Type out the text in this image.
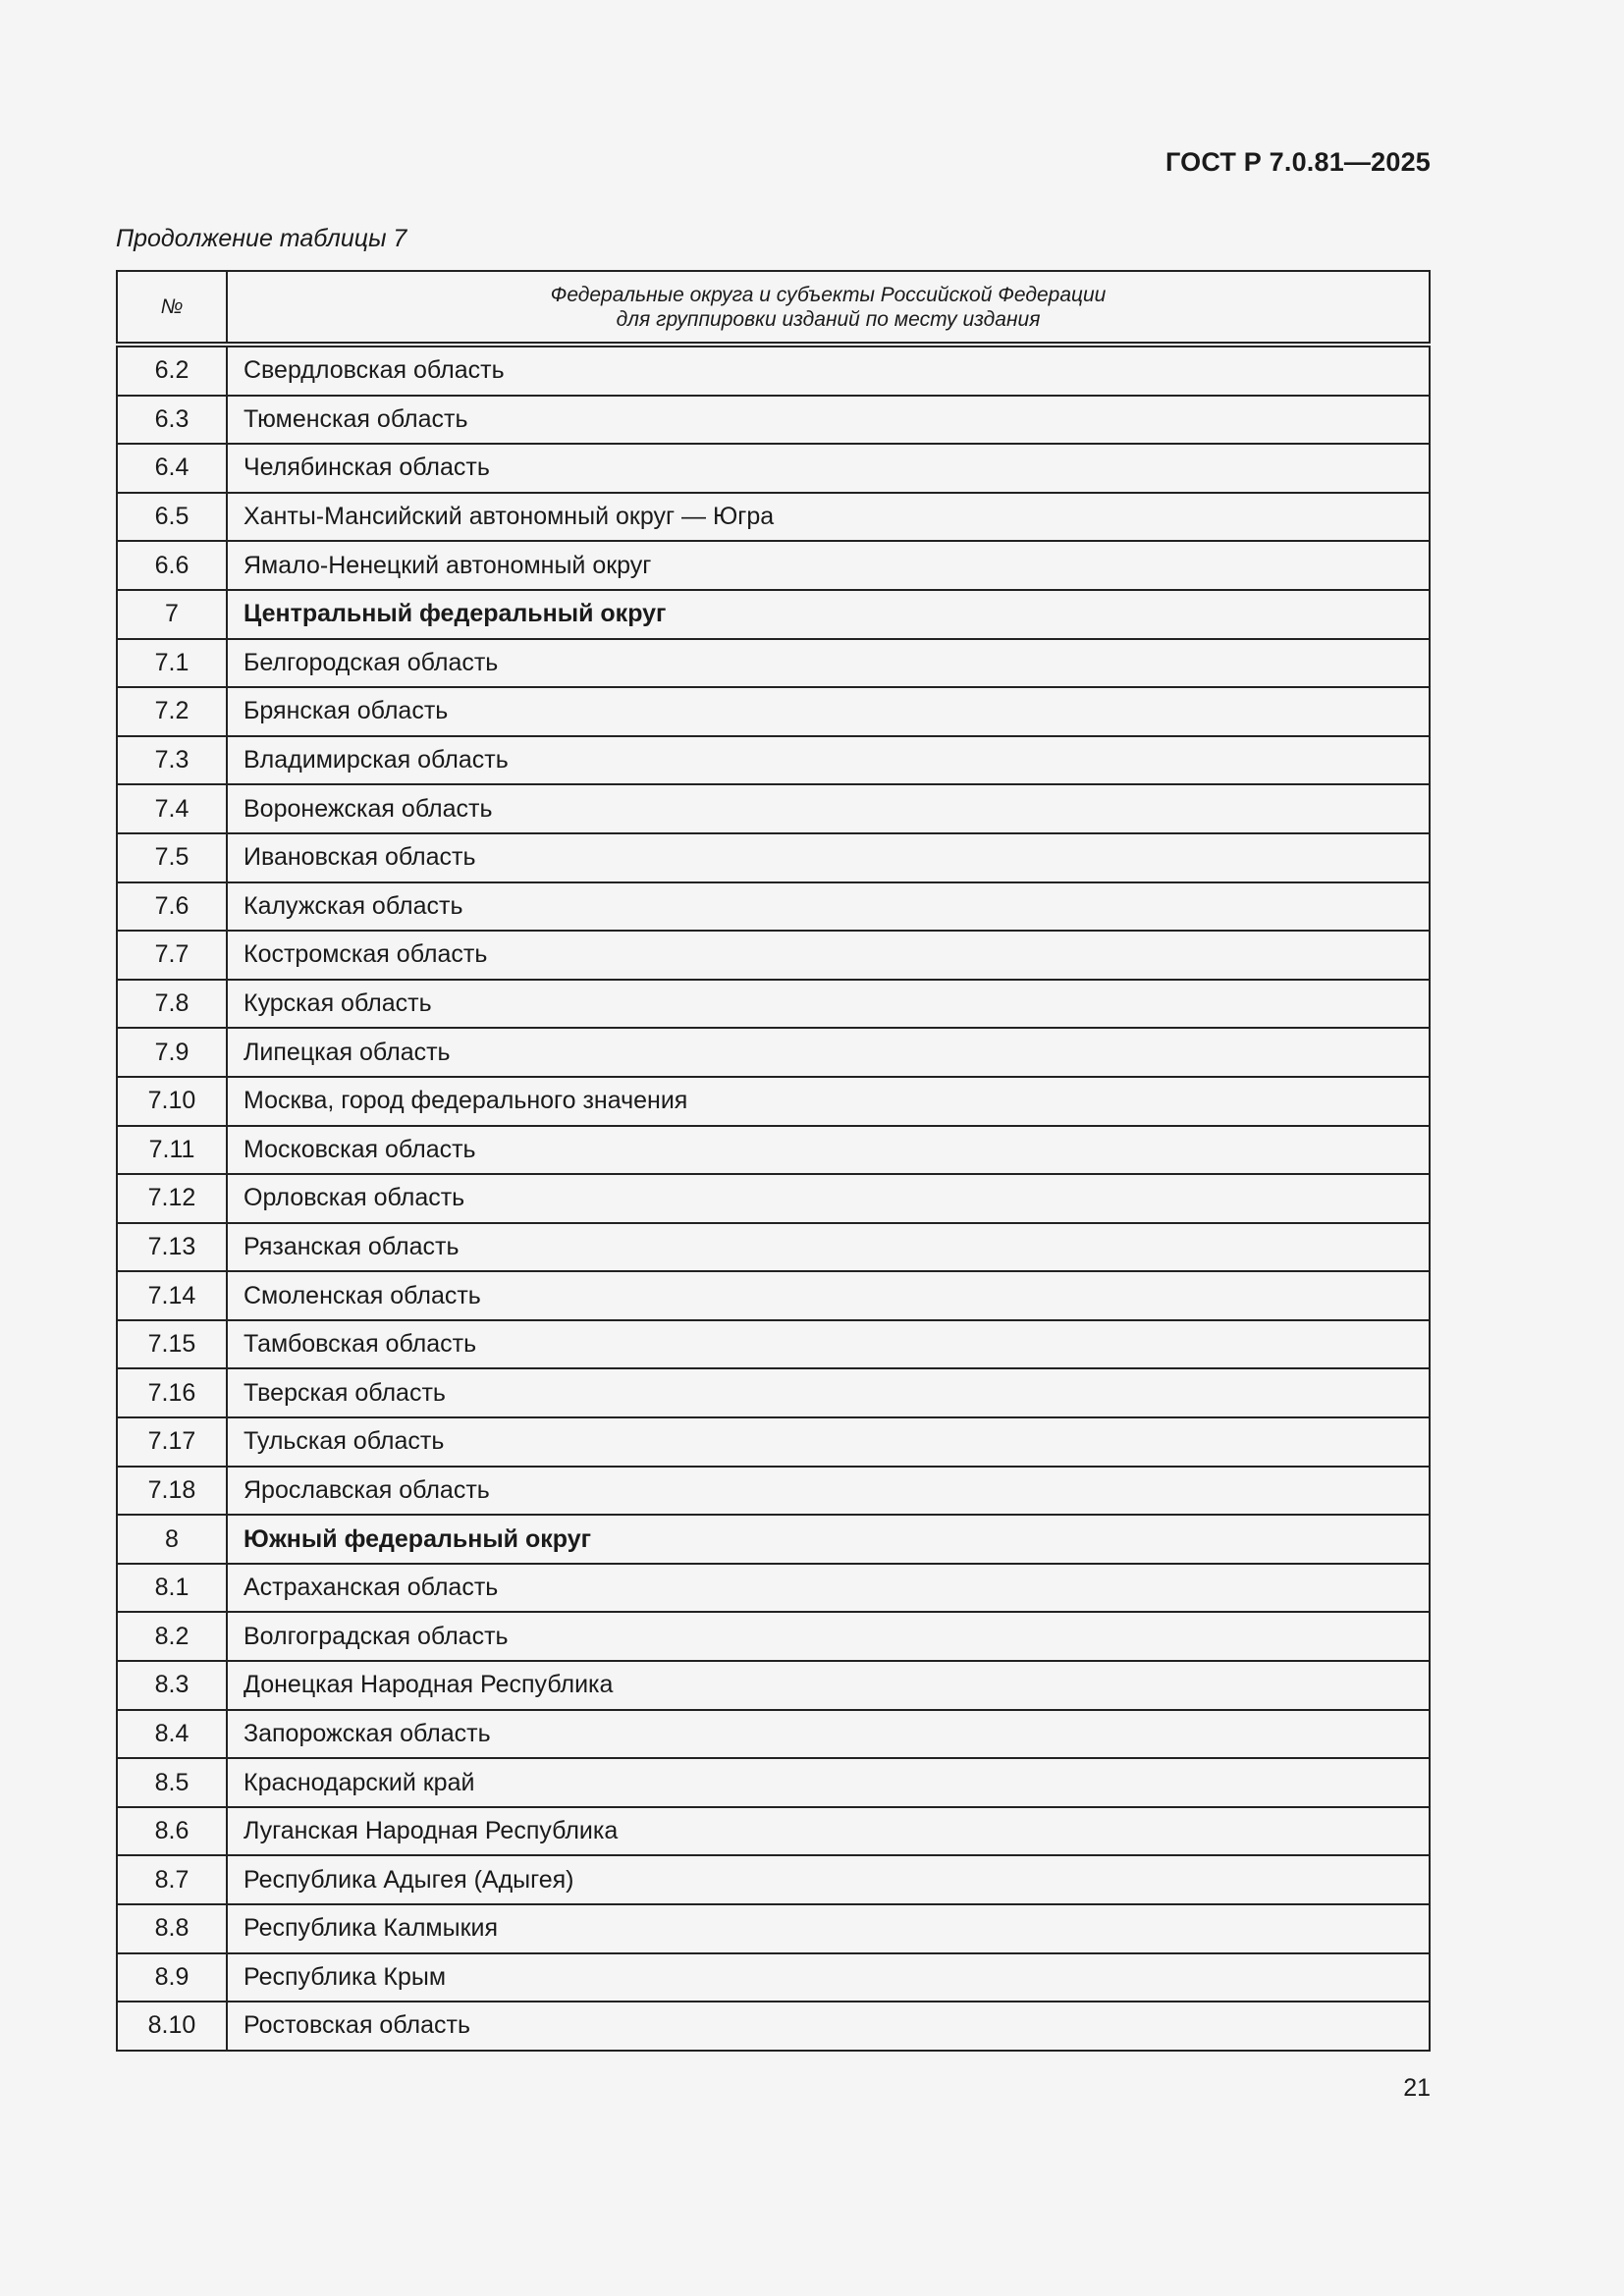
ГОСТ Р 7.0.81—2025
Продолжение таблицы 7
№	Федеральные округа и субъекты Российской Федерации
для группировки изданий по месту издания

6.2	Свердловская область
6.3	Тюменская область
6.4	Челябинская область
6.5	Ханты-Мансийский автономный округ — Югра
6.6	Ямало-Ненецкий автономный округ
7	Центральный федеральный округ
7.1	Белгородская область
7.2	Брянская область
7.3	Владимирская область
7.4	Воронежская область
7.5	Ивановская область
7.6	Калужская область
7.7	Костромская область
7.8	Курская область
7.9	Липецкая область
7.10	Москва, город федерального значения
7.11	Московская область
7.12	Орловская область
7.13	Рязанская область
7.14	Смоленская область
7.15	Тамбовская область
7.16	Тверская область
7.17	Тульская область
7.18	Ярославская область
8	Южный федеральный округ
8.1	Астраханская область
8.2	Волгоградская область
8.3	Донецкая Народная Республика
8.4	Запорожская область
8.5	Краснодарский край
8.6	Луганская Народная Республика
8.7	Республика Адыгея (Адыгея)
8.8	Республика Калмыкия
8.9	Республика Крым
8.10	Ростовская область
21
